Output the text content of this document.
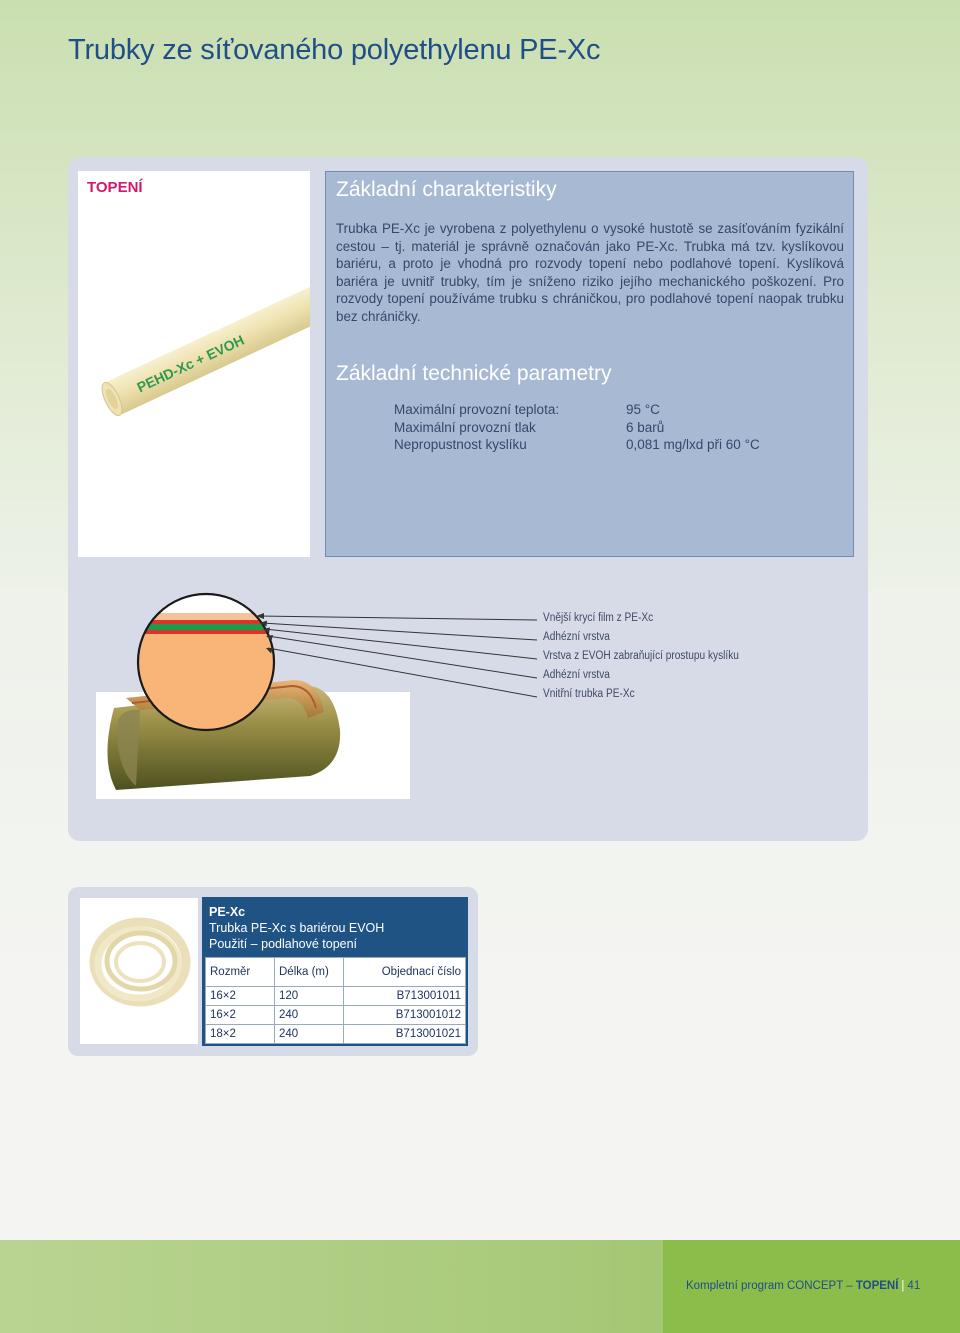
Trubky ze síťovaného polyethylenu PE-Xc
PEHD-Xc + EVOH
TOPENÍ	Základní charakteristiky

Trubka PE-Xc je vyrobena z polyethylenu o vysoké hustotě se zasíťováním fyzikální cestou – tj. materiál je správně označován jako PE-Xc. Trubka má tzv. kyslíkovou bariéru, a proto je vhodná pro rozvody topení nebo podlahové topení. Kyslíková bariéra je uvnitř trubky, tím je sníženo riziko jejího mechanického poškození. Pro rozvody topení používáme trubku s chráničkou, pro podlahové topení naopak trubku bez chráničky.

Základní technické parametry
Maximální provozní teplota:	95 °C
Maximální provozní tlak	6 barů
Nepropustnost kyslíku	0,081 mg/lxd při 60 °C
Vnější krycí film z PE-Xc
Adhézní vrstva
Vrstva z EVOH zabraňující prostupu kyslíku
Adhézní vrstva
Vnitřní trubka PE-Xc
PE-Xc
Trubka PE-Xc s bariérou EVOH
Použití – podlahové topení
Rozměr	Délka (m)	Objednací číslo
16×2	120	B713001011
16×2	240	B713001012
18×2	240	B713001021
Kompletní program CONCEPT – TOPENÍ | 41
